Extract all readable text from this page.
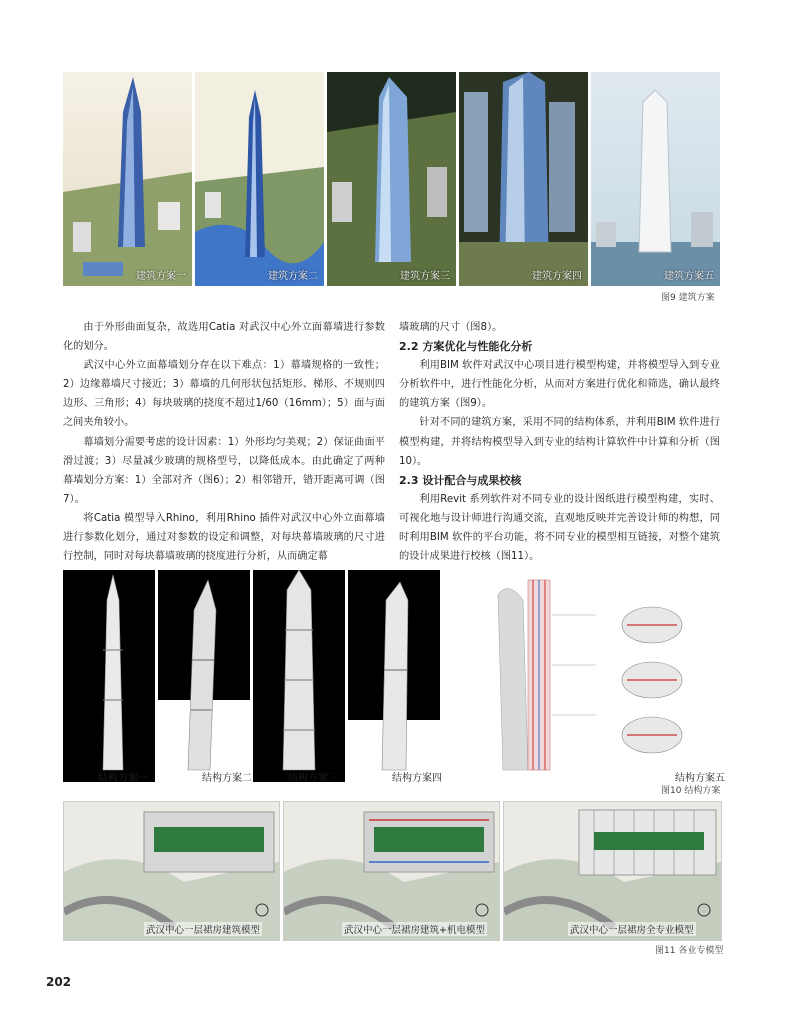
建筑方案一	建筑方案二	建筑方案三	建筑方案四	建筑方案五
图9 建筑方案

由于外形曲面复杂，故选用Catia 对武汉中心外立面幕墙进行参数化的划分。

武汉中心外立面幕墙划分存在以下难点：1）幕墙规格的一致性；2）边缘幕墙尺寸接近；3）幕墙的几何形状包括矩形、梯形、不规则四边形、三角形；4）每块玻璃的挠度不超过1/60（16mm）；5）面与面之间夹角较小。

幕墙划分需要考虑的设计因素：1）外形均匀美观；2）保证曲面平滑过渡；3）尽量减少玻璃的规格型号，以降低成本。由此确定了两种幕墙划分方案：1）全部对齐（图6）；2）相邻错开，错开距离可调（图7）。

将Catia 模型导入Rhino，利用Rhino 插件对武汉中心外立面幕墙进行参数化划分，通过对参数的设定和调整，对每块幕墙玻璃的尺寸进行控制，同时对每块幕墙玻璃的挠度进行分析，从而确定幕

墙玻璃的尺寸（图8）。

2.2 方案优化与性能化分析

利用BIM 软件对武汉中心项目进行模型构建，并将模型导入到专业分析软件中，进行性能化分析，从而对方案进行优化和筛选，确认最终的建筑方案（图9）。

针对不同的建筑方案，采用不同的结构体系，并利用BIM 软件进行模型构建，并将结构模型导入到专业的结构计算软件中计算和分析（图10）。

2.3 设计配合与成果校核

利用Revit 系列软件对不同专业的设计图纸进行模型构建，实时、可视化地与设计师进行沟通交流，直观地反映并完善设计师的构想，同时利用BIM 软件的平台功能，将不同专业的模型相互链接，对整个建筑的设计成果进行校核（图11）。

结构方案一	结构方案二	结构方案三	结构方案四	结构方案五
图10 结构方案
武汉中心一层裙房建筑模型	武汉中心一层裙房建筑+机电模型	武汉中心一层裙房全专业模型
图11 各业专模型
202
